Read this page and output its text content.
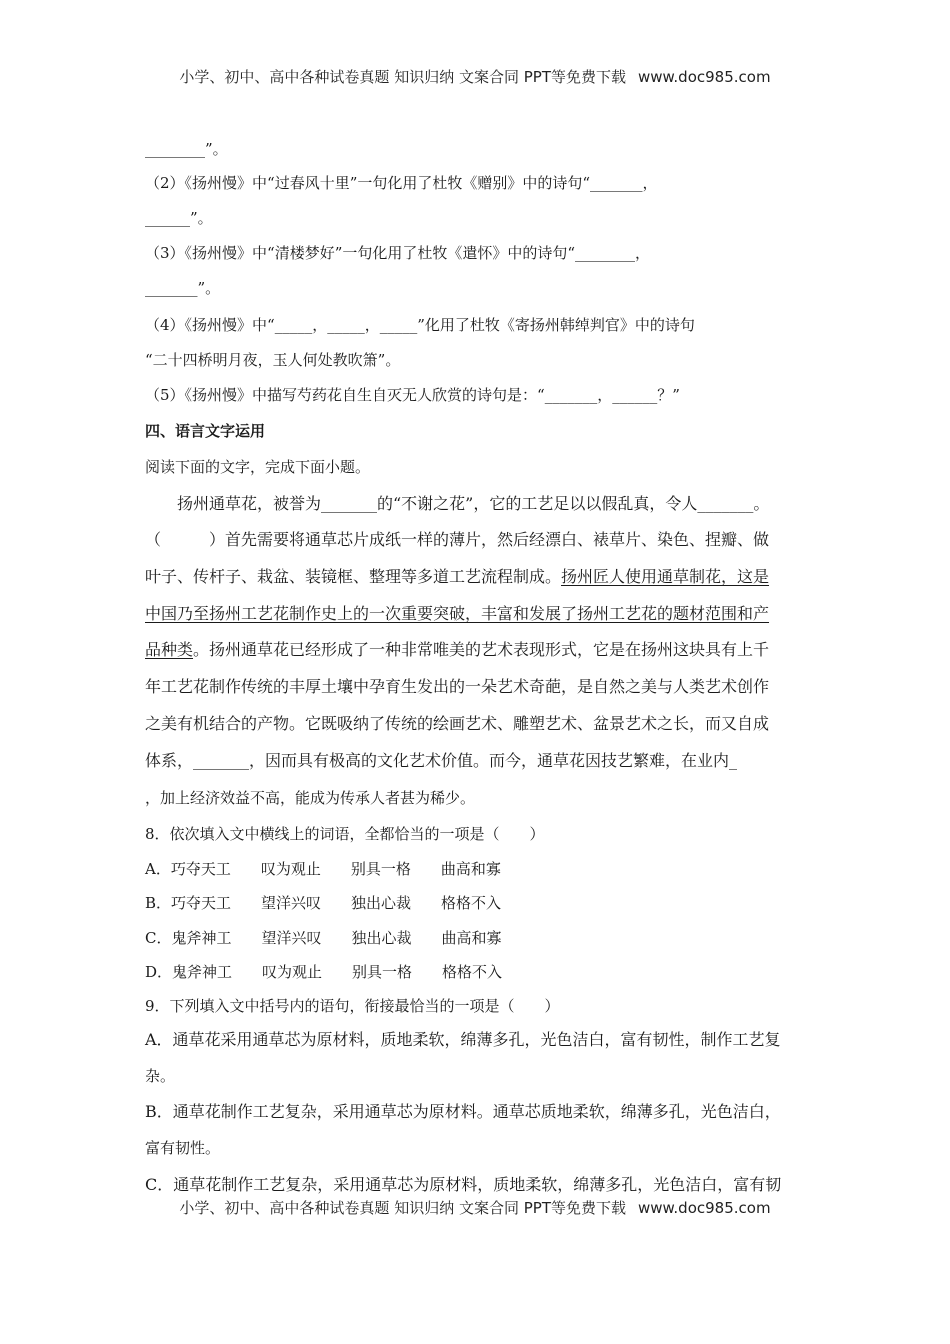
小学、初中、高中各种试卷真题 知识归纳 文案合同 PPT等免费下载 www.doc985.com
________”。
（2）《扬州慢》中“过春风十里”一句化用了杜牧《赠别》中的诗句“_______，
______”。
（3）《扬州慢》中“清楼梦好”一句化用了杜牧《遣怀》中的诗句“________，
_______”。
（4）《扬州慢》中“_____，_____，_____”化用了杜牧《寄扬州韩绰判官》中的诗句
“二十四桥明月夜，玉人何处教吹箫”。
（5）《扬州慢》中描写芍药花自生自灭无人欣赏的诗句是：“_______，______？”
四、语言文字运用
阅读下面的文字，完成下面小题。
扬州通草花，被誉为_______的“不谢之花”，它的工艺足以以假乱真，令人_______。
（　　　）首先需要将通草芯片成纸一样的薄片，然后经漂白、裱草片、染色、捏瓣、做
叶子、传杆子、栽盆、装镜框、整理等多道工艺流程制成。扬州匠人使用通草制花，这是
中国乃至扬州工艺花制作史上的一次重要突破，丰富和发展了扬州工艺花的题材范围和产
品种类。扬州通草花已经形成了一种非常唯美的艺术表现形式，它是在扬州这块具有上千
年工艺花制作传统的丰厚土壤中孕育生发出的一朵艺术奇葩，是自然之美与人类艺术创作
之美有机结合的产物。它既吸纳了传统的绘画艺术、雕塑艺术、盆景艺术之长，而又自成
体系，_______，因而具有极高的文化艺术价值。而今，通草花因技艺繁难，在业内_
，加上经济效益不高，能成为传承人者甚为稀少。
8．依次填入文中横线上的词语，全都恰当的一项是（　　）
A．巧夺天工　　叹为观止　　别具一格　　曲高和寡
B．巧夺天工　　望洋兴叹　　独出心裁　　格格不入
C．鬼斧神工　　望洋兴叹　　独出心裁　　曲高和寡
D．鬼斧神工　　叹为观止　　别具一格　　格格不入
9．下列填入文中括号内的语句，衔接最恰当的一项是（　　）
A．通草花采用通草芯为原材料，质地柔软，绵薄多孔，光色洁白，富有韧性，制作工艺复
杂。
B．通草花制作工艺复杂，采用通草芯为原材料。通草芯质地柔软，绵薄多孔，光色洁白，
富有韧性。
C．通草花制作工艺复杂，采用通草芯为原材料，质地柔软，绵薄多孔，光色洁白，富有韧
小学、初中、高中各种试卷真题 知识归纳 文案合同 PPT等免费下载 www.doc985.com
